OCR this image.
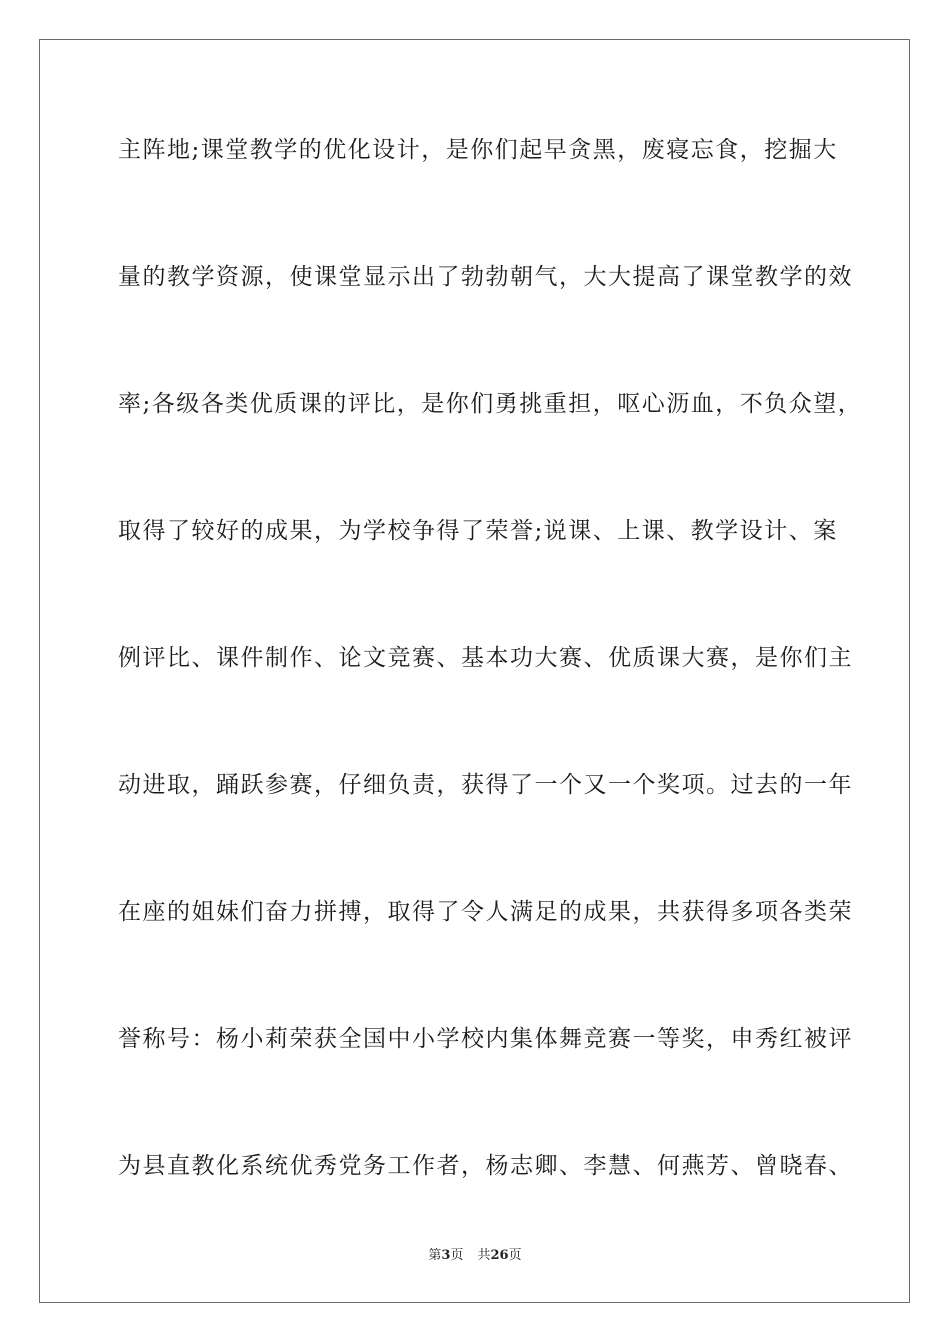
主阵地;课堂教学的优化设计，是你们起早贪黑，废寝忘食，挖掘大
量的教学资源，使课堂显示出了勃勃朝气，大大提高了课堂教学的效
率;各级各类优质课的评比，是你们勇挑重担，呕心沥血，不负众望，
取得了较好的成果，为学校争得了荣誉;说课、上课、教学设计、案
例评比、课件制作、论文竞赛、基本功大赛、优质课大赛，是你们主
动进取，踊跃参赛，仔细负责，获得了一个又一个奖项。过去的一年
在座的姐妹们奋力拼搏，取得了令人满足的成果，共获得多项各类荣
誉称号：杨小莉荣获全国中小学校内集体舞竞赛一等奖，申秀红被评
为县直教化系统优秀党务工作者，杨志卿、李慧、何燕芳、曾晓春、
第3页 共26页
